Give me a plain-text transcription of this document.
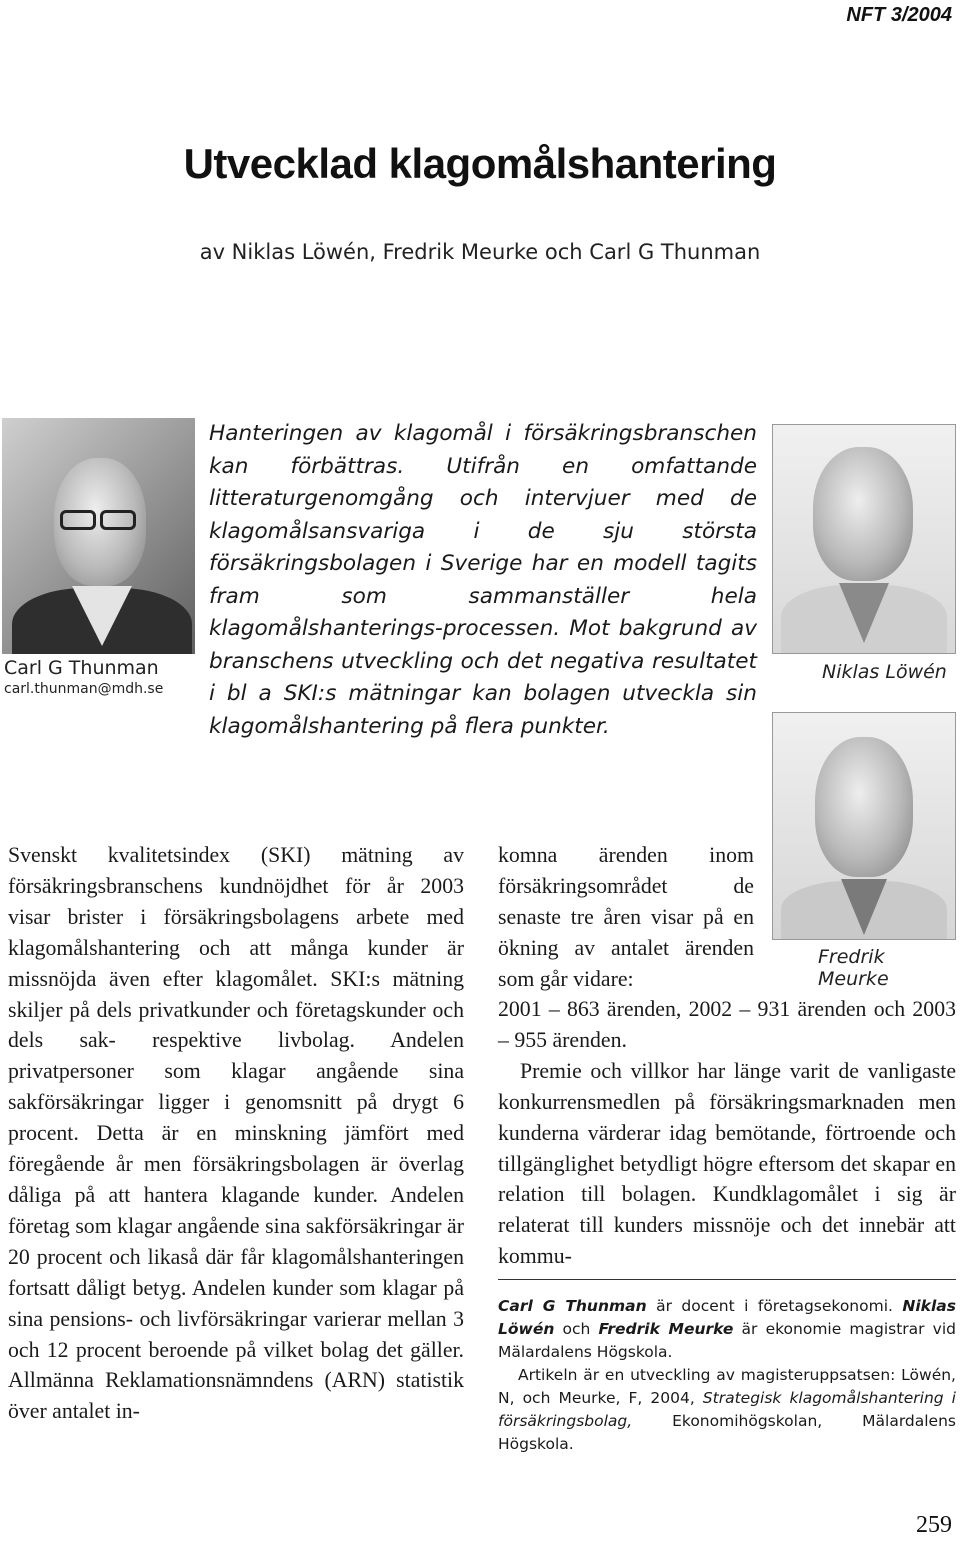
NFT 3/2004
Utvecklad klagomålshantering
av Niklas Löwén, Fredrik Meurke och Carl G Thunman
Carl G Thunman
carl.thunman@mdh.se
Hanteringen av klagomål i försäkringsbranschen kan förbättras. Utifrån en omfattande litteraturgenomgång och intervjuer med de klagomålsansvariga i de sju största försäkringsbolagen i Sverige har en modell tagits fram som sammanställer hela klagomålshanterings-processen. Mot bakgrund av branschens utveckling och det negativa resultatet i bl a SKI:s mätningar kan bolagen utveckla sin klagomålshantering på flera punkter.
Niklas Löwén
Fredrik Meurke
Svenskt kvalitetsindex (SKI) mätning av försäkringsbranschens kundnöjdhet för år 2003 visar brister i försäkringsbolagens arbete med klagomålshantering och att många kunder är missnöjda även efter klagomålet. SKI:s mätning skiljer på dels privatkunder och företagskunder och dels sak- respektive livbolag. Andelen privatpersoner som klagar angående sina sakförsäkringar ligger i genomsnitt på drygt 6 procent. Detta är en minskning jämfört med föregående år men försäkringsbolagen är överlag dåliga på att hantera klagande kunder. Andelen företag som klagar angående sina sakförsäkringar är 20 procent och likaså där får klagomålshanteringen fortsatt dåligt betyg. Andelen kunder som klagar på sina pensions- och livförsäkringar varierar mellan 3 och 12 procent beroende på vilket bolag det gäller. Allmänna Reklamationsnämndens (ARN) statistik över antalet in-
komna ärenden inom försäkringsområdet de senaste tre åren visar på en ökning av antalet ärenden som går vidare:

2001 – 863 ärenden, 2002 – 931 ärenden och 2003 – 955 ärenden.

Premie och villkor har länge varit de vanligaste konkurrensmedlen på försäkringsmarknaden men kunderna värderar idag bemötande, förtroende och tillgänglighet betydligt högre eftersom det skapar en relation till bolagen. Kundklagomålet i sig är relaterat till kunders missnöje och det innebär att kommu-

Carl G Thunman är docent i företagsekonomi. Niklas Löwén och Fredrik Meurke är ekonomie magistrar vid Mälardalens Högskola.

Artikeln är en utveckling av magisteruppsatsen: Löwén, N, och Meurke, F, 2004, Strategisk klagomålshantering i försäkringsbolag, Ekonomihögskolan, Mälardalens Högskola.

259
